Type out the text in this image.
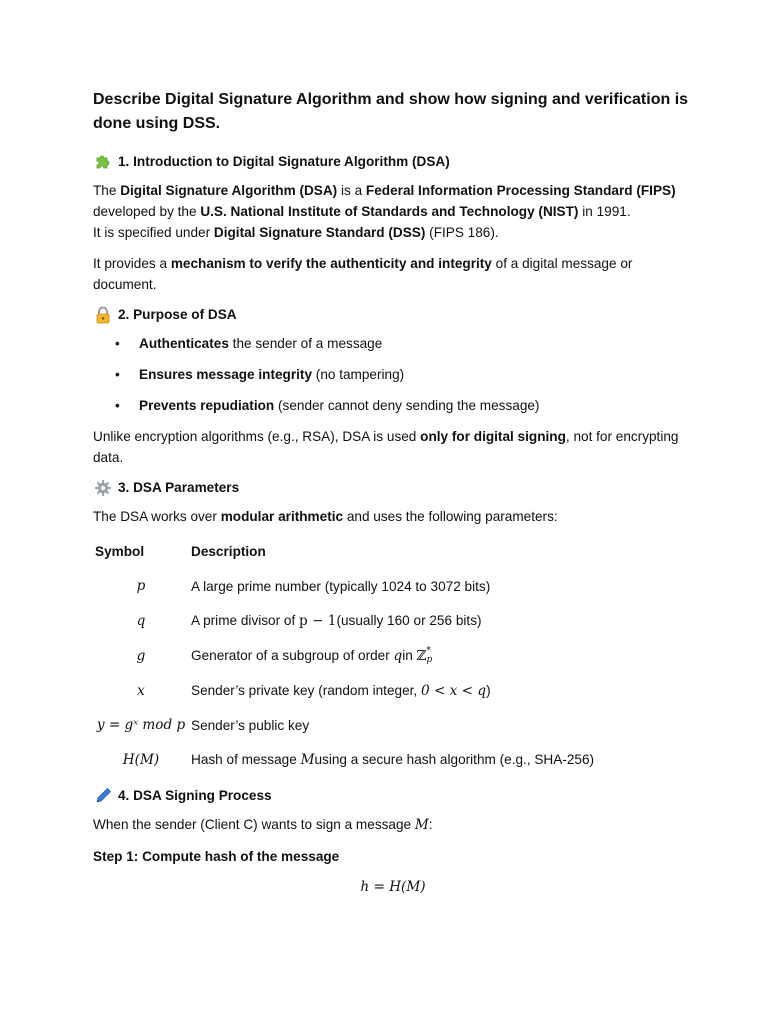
Describe Digital Signature Algorithm and show how signing and verification is done using DSS.
1. Introduction to Digital Signature Algorithm (DSA)

The Digital Signature Algorithm (DSA) is a Federal Information Processing Standard (FIPS) developed by the U.S. National Institute of Standards and Technology (NIST) in 1991.
It is specified under Digital Signature Standard (DSS) (FIPS 186).

It provides a mechanism to verify the authenticity and integrity of a digital message or document.

2. Purpose of DSA
• Authenticates the sender of a message
• Ensures message integrity (no tampering)
• Prevents repudiation (sender cannot deny sending the message)

Unlike encryption algorithms (e.g., RSA), DSA is used only for digital signing, not for encrypting data.

3. DSA Parameters

The DSA works over modular arithmetic and uses the following parameters:

Symbol	Description
p	A large prime number (typically 1024 to 3072 bits)
q	A prime divisor of p − 1(usually 160 or 256 bits)
g	Generator of a subgroup of order qin ℤ *
p

x	Sender’s private key (random integer, 0 < x < q)
y = gˣ mod p	Sender’s public key
H(M)	Hash of message Musing a secure hash algorithm (e.g., SHA-256)
4. DSA Signing Process

When the sender (Client C) wants to sign a message M:

Step 1: Compute hash of the message
h = H(M)
